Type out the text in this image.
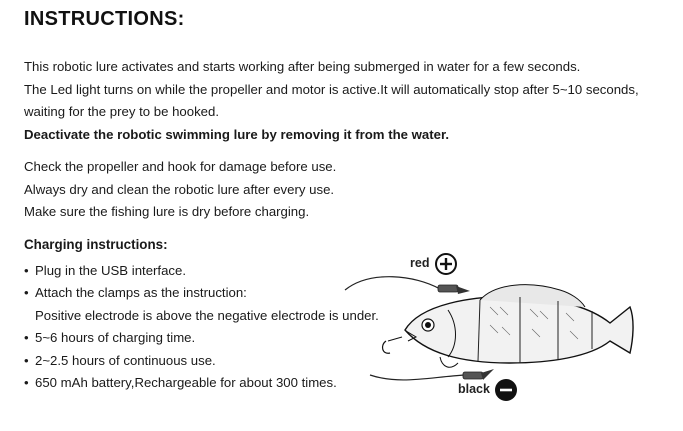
INSTRUCTIONS:
This robotic lure activates and starts working after being submerged in water for a few seconds.
The Led light turns on while the propeller and motor is active.It will automatically stop after 5~10 seconds,
waiting for the prey to be hooked.
Deactivate the robotic swimming lure by removing it from the water.
Check the propeller and hook for damage before use.
Always dry and clean the robotic lure after every use.
Make sure the fishing lure is dry before charging.
Charging instructions:
• Plug in the USB interface.
• Attach the clamps as the instruction:
Positive electrode is above the negative electrode is under.
• 5~6 hours of charging time.
• 2~2.5 hours of continuous use.
• 650 mAh battery,Rechargeable for about 300 times.
red
black
